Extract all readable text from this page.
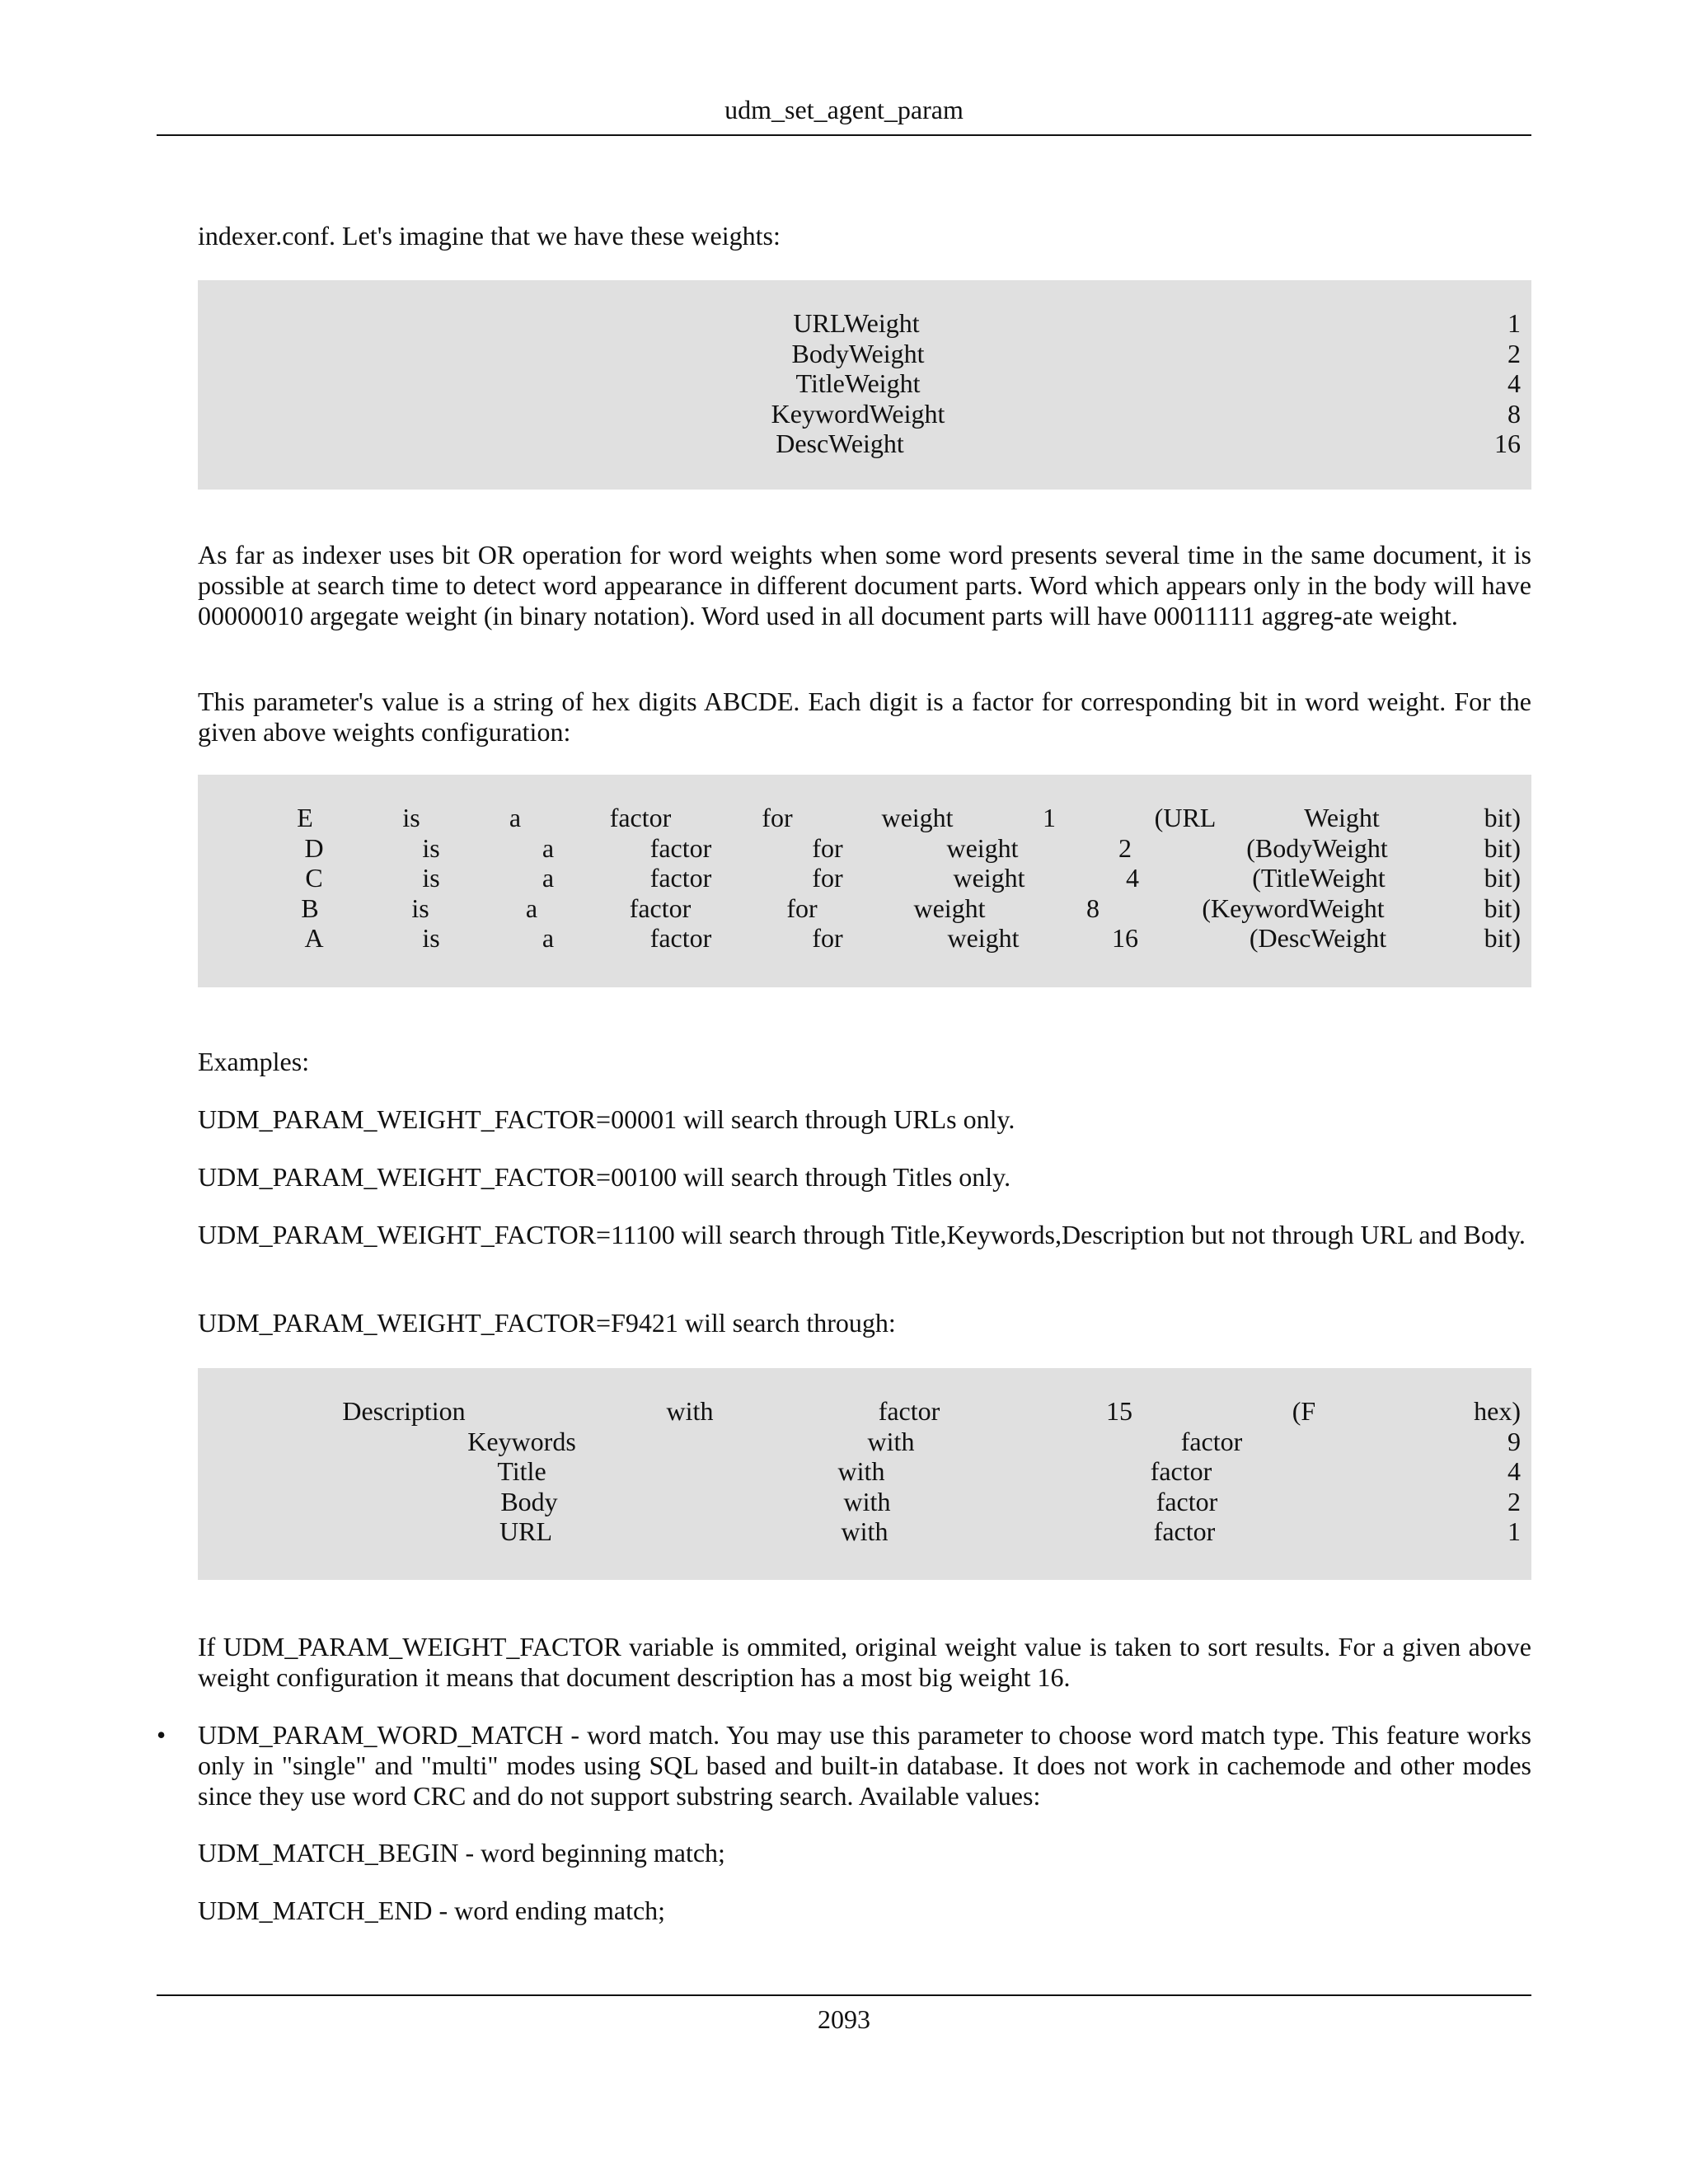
udm_set_agent_param
indexer.conf. Let's imagine that we have these weights:
URLWeight	1
BodyWeight	2
TitleWeight	4
KeywordWeight	8
DescWeight	16
As far as indexer uses bit OR operation for word weights when some word presents several time in the same document, it is possible at search time to detect word appearance in different document parts. Word which appears only in the body will have 00000010 argegate weight (in binary notation). Word used in all document parts will have 00011111 aggreg-ate weight.
This parameter's value is a string of hex digits ABCDE. Each digit is a factor for corresponding bit in word weight. For the given above weights configuration:
E	is	a	factor	for	weight	1	(URL	Weight	bit)
D	is	a	factor	for	weight	2	(BodyWeight	bit)
C	is	a	factor	for	weight	4	(TitleWeight	bit)
B	is	a	factor	for	weight	8	(KeywordWeight	bit)
A	is	a	factor	for	weight	16	(DescWeight	bit)
Examples:
UDM_PARAM_WEIGHT_FACTOR=00001 will search through URLs only.
UDM_PARAM_WEIGHT_FACTOR=00100 will search through Titles only.
UDM_PARAM_WEIGHT_FACTOR=11100 will search through Title,Keywords,Description but not through URL and Body.
UDM_PARAM_WEIGHT_FACTOR=F9421 will search through:
Description	with	factor	15	(F	hex)
Keywords	with	factor	9
Title	with	factor	4
Body	with	factor	2
URL	with	factor	1
If UDM_PARAM_WEIGHT_FACTOR variable is ommited, original weight value is taken to sort results. For a given above weight configuration it means that document description has a most big weight 16.
• UDM_PARAM_WORD_MATCH - word match. You may use this parameter to choose word match type. This feature works only in "single" and "multi" modes using SQL based and built-in database. It does not work in cachemode and other modes since they use word CRC and do not support substring search. Available values:
UDM_MATCH_BEGIN - word beginning match;
UDM_MATCH_END - word ending match;
2093
